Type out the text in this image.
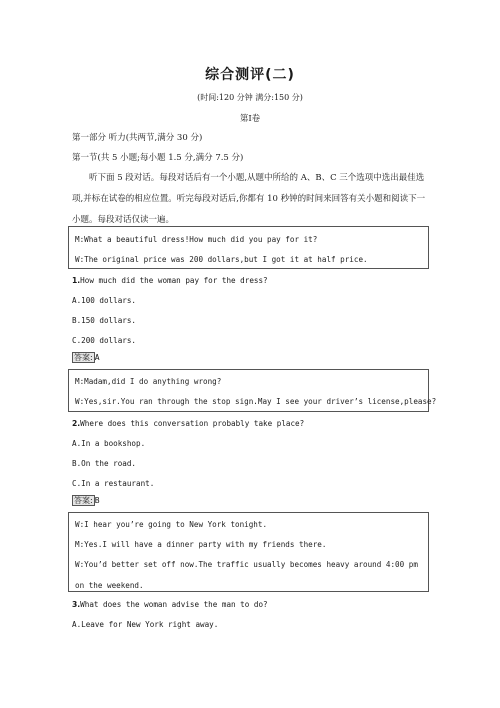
综合测评(二)
(时间:120 分钟 满分:150 分)
第Ⅰ卷
第一部分 听力(共两节,满分 30 分)
第一节(共 5 小题;每小题 1.5 分,满分 7.5 分)
听下面 5 段对话。每段对话后有一个小题,从题中所给的 A、B、C 三个选项中选出最佳选项,并标在试卷的相应位置。听完每段对话后,你都有 10 秒钟的时间来回答有关小题和阅读下一小题。每段对话仅读一遍。
M:What a beautiful dress!How much did you pay for it?
W:The original price was 200 dollars,but I got it at half price.
1.How much did the woman pay for the dress?
A.100 dollars.
B.150 dollars.
C.200 dollars.
答案: A
M:Madam,did I do anything wrong?
W:Yes,sir.You ran through the stop sign.May I see your driver’s license,please?
2.Where does this conversation probably take place?
A.In a bookshop.
B.On the road.
C.In a restaurant.
答案: B
W:I hear you’re going to New York tonight.
M:Yes.I will have a dinner party with my friends there.
W:You’d better set off now.The traffic usually becomes heavy around 4:00 pm on the weekend.
3.What does the woman advise the man to do?
A.Leave for New York right away.
